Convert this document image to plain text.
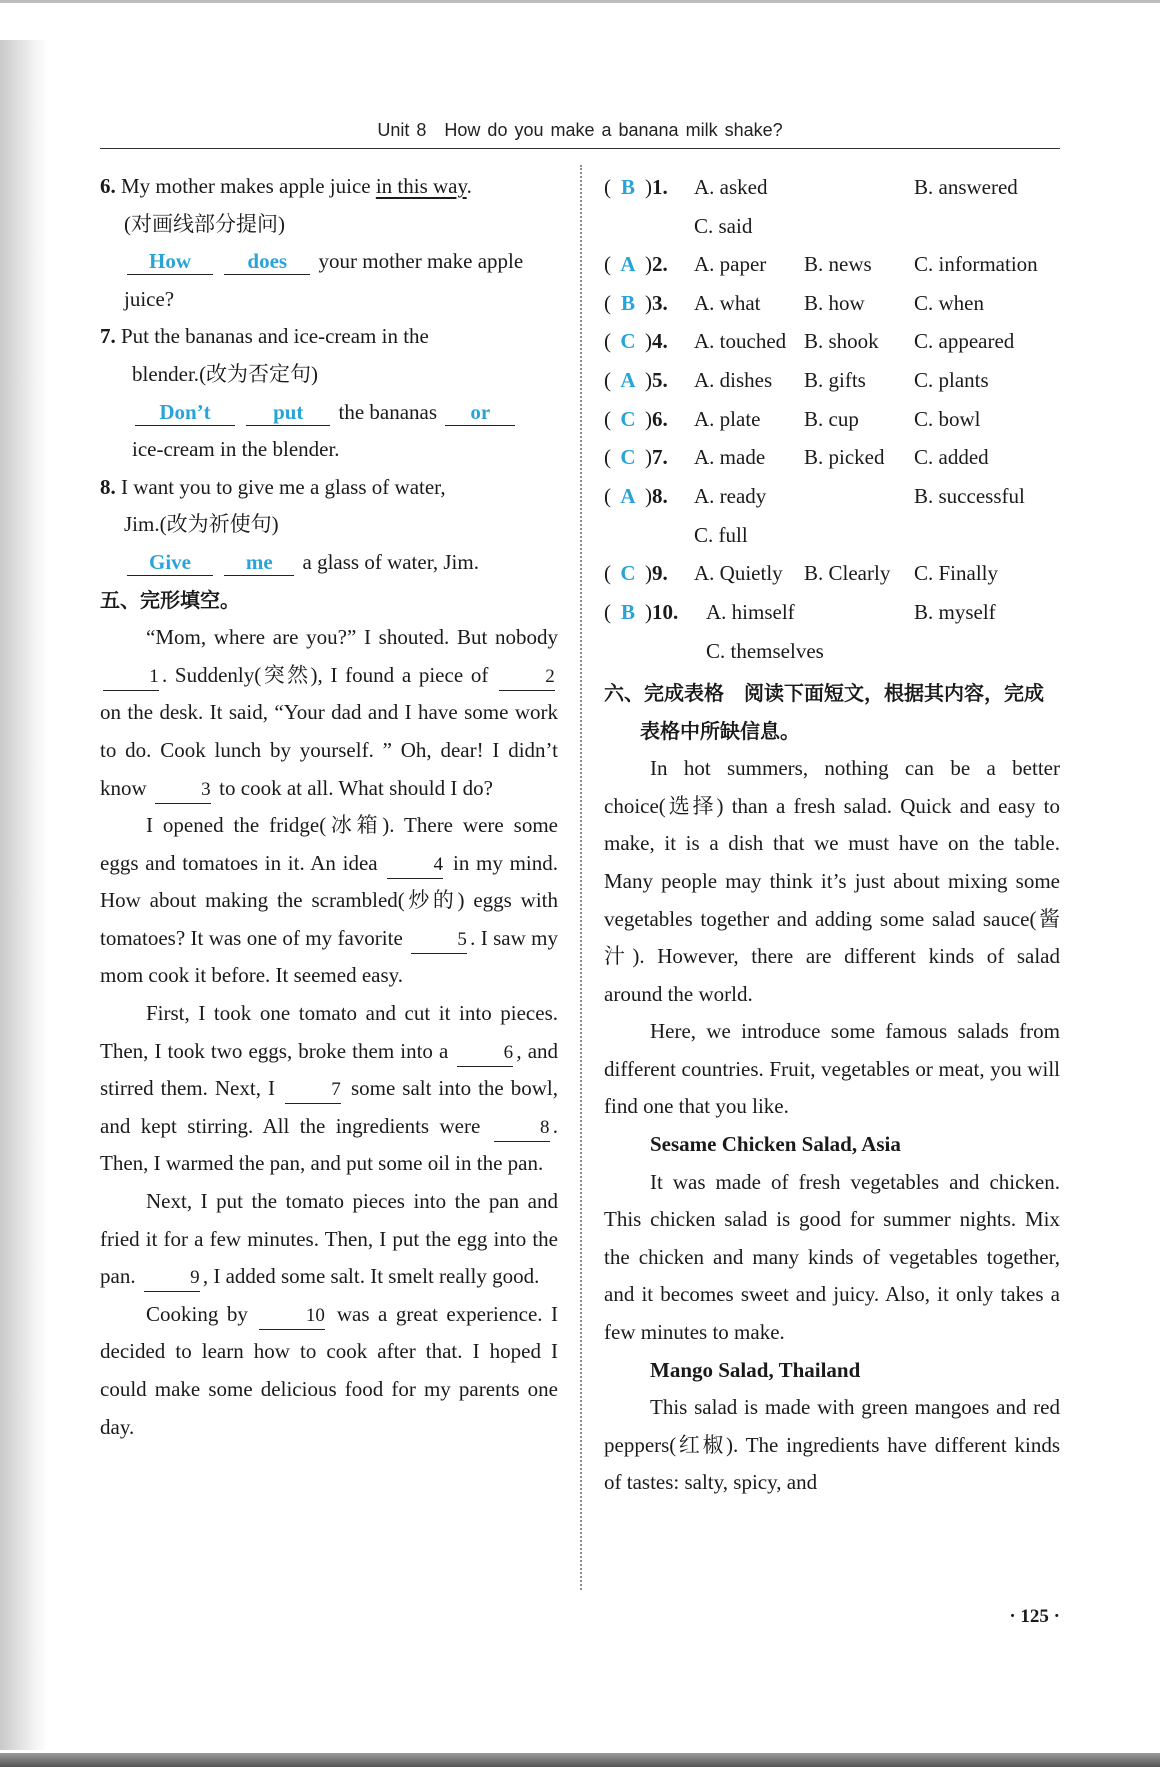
Unit 8 How do you make a banana milk shake?

6. My mother makes apple juice in this way.

(对画线部分提问)

How	does your mother make apple

juice?

7. Put the bananas and ice-cream in the

blender.(改为否定句)

Don’t	put the bananas or

ice-cream in the blender.

8. I want you to give me a glass of water,

Jim.(改为祈使句)

Give	me a glass of water, Jim.

五、完形填空。

“Mom, where are you?” I shouted. But nobody 1 . Suddenly(突然), I found a piece of	2 on the desk. It said, “Your dad and I have some work to do. Cook lunch by yourself. ” Oh, dear! I didn’t know	3 to cook at all. What should I do?

I opened the fridge(冰箱). There were some eggs and tomatoes in it. An idea	4 in my mind. How about making the scrambled(炒的) eggs with tomatoes? It was one of my favorite	5 . I saw my mom cook it before. It seemed easy.

First, I took one tomato and cut it into pieces. Then, I took two eggs, broke them into a	6 , and stirred them. Next, I	7 some salt into the bowl, and kept stirring. All the ingredients were	8 . Then, I warmed the pan, and put some oil in the pan.

Next, I put the tomato pieces into the pan and fried it for a few minutes. Then, I put the egg into the pan.	9 , I added some salt. It smelt really good.

Cooking by	10 was a great experience. I decided to learn how to cook after that. I hoped I could make some delicious food for my parents one day.

( B )1.	A. asked	B. answered
C. said
( A )2.	A. paper	B. news	C. information
( B )3.	A. what	B. how	C. when
( C )4.	A. touched B. shook	C. appeared
( A )5.	A. dishes	B. gifts	C. plants
( C )6.	A. plate	B. cup	C. bowl
( C )7.	A. made	B. picked	C. added
( A )8.	A. ready	B. successful
C. full
( C )9.	A. Quietly	B. Clearly	C. Finally
( B )10.	A. himself	B. myself
C. themselves

六、完成表格　阅读下面短文，根据其内容，完成表格中所缺信息。

In hot summers, nothing can be a better choice(选择) than a fresh salad. Quick and easy to make, it is a dish that we must have on the table. Many people may think it’s just about mixing some vegetables together and adding some salad sauce(酱汁). However, there are different kinds of salad around the world.

Here, we introduce some famous salads from different countries. Fruit, vegetables or meat, you will find one that you like.

Sesame Chicken Salad, Asia

It was made of fresh vegetables and chicken. This chicken salad is good for summer nights. Mix the chicken and many kinds of vegetables together, and it becomes sweet and juicy. Also, it only takes a few minutes to make.

Mango Salad, Thailand

This salad is made with green mangoes and red peppers(红椒). The ingredients have different kinds of tastes: salty, spicy, and

· 125 ·
